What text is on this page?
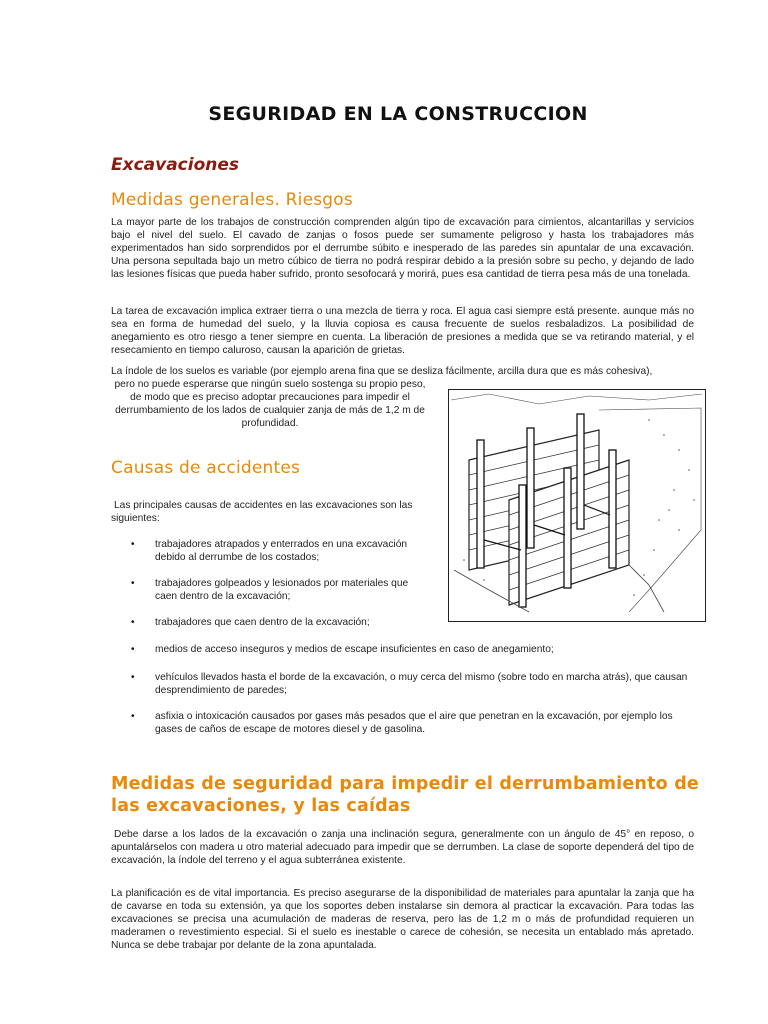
SEGURIDAD EN LA CONSTRUCCION
Excavaciones
Medidas generales. Riesgos
La mayor parte de los trabajos de construcción comprenden algún tipo de excavación para cimientos, alcantarillas y servicios bajo el nivel del suelo. El cavado de zanjas o fosos puede ser sumamente peligroso y hasta los trabajadores más experimentados han sido sorprendidos por el derrumbe súbito e inesperado de las paredes sin apuntalar de una excavación. Una persona sepultada bajo un metro cúbico de tierra no podrá respirar debido a la presión sobre su pecho, y dejando de lado las lesiones físicas que pueda haber sufrido, pronto sesofocará y morirá, pues esa cantidad de tierra pesa más de una tonelada.
La tarea de excavación implica extraer tierra o una mezcla de tierra y roca. El agua casi siempre está presente. aunque más no sea en forma de humedad del suelo, y la lluvia copiosa es causa frecuente de suelos resbaladizos. La posibilidad de anegamiento es otro riesgo a tener siempre en cuenta. La liberación de presiones a medida que se va retirando material, y el resecamiento en tiempo caluroso, causan la aparición de grietas.
La índole de los suelos es variable (por ejemplo arena fina que se desliza fácilmente, arcilla dura que es más cohesiva),
pero no puede esperarse que ningún suelo sostenga su propio peso, de modo que es preciso adoptar precauciones para impedir el derrumbamiento de los lados de cualquier zanja de más de 1,2 m de profundidad.
Causas de accidentes
Las principales causas de accidentes en las excavaciones son las siguientes:
• trabajadores atrapados y enterrados en una excavación debido al derrumbe de los costados;
• trabajadores golpeados y lesionados por materiales que caen dentro de la excavación;
• trabajadores que caen dentro de la excavación;
• medios de acceso inseguros y medios de escape insuficientes en caso de anegamiento;
• vehículos llevados hasta el borde de la excavación, o muy cerca del mismo (sobre todo en marcha atrás), que causan desprendimiento de paredes;
• asfixia o intoxicación causados por gases más pesados que el aire que penetran en la excavación, por ejemplo los gases de caños de escape de motores diesel y de gasolina.
Medidas de seguridad para impedir el derrumbamiento de las excavaciones, y las caídas
Debe darse a los lados de la excavación o zanja una inclinación segura, generalmente con un ángulo de 45° en reposo, o apuntalárselos con madera u otro material adecuado para impedir que se derrumben. La clase de soporte dependerá del tipo de excavación, la índole del terreno y el agua subterránea existente.
La planificación es de vital importancia. Es preciso asegurarse de la disponibilidad de materiales para apuntalar la zanja que ha de cavarse en toda su extensión, ya que los soportes deben instalarse sin demora al practicar la excavación. Para todas las excavaciones se precisa una acumulación de maderas de reserva, pero las de 1,2 m o más de profundidad requieren un maderamen o revestimiento especial. Si el suelo es inestable o carece de cohesión, se necesita un entablado más apretado. Nunca se debe trabajar por delante de la zona apuntalada.
